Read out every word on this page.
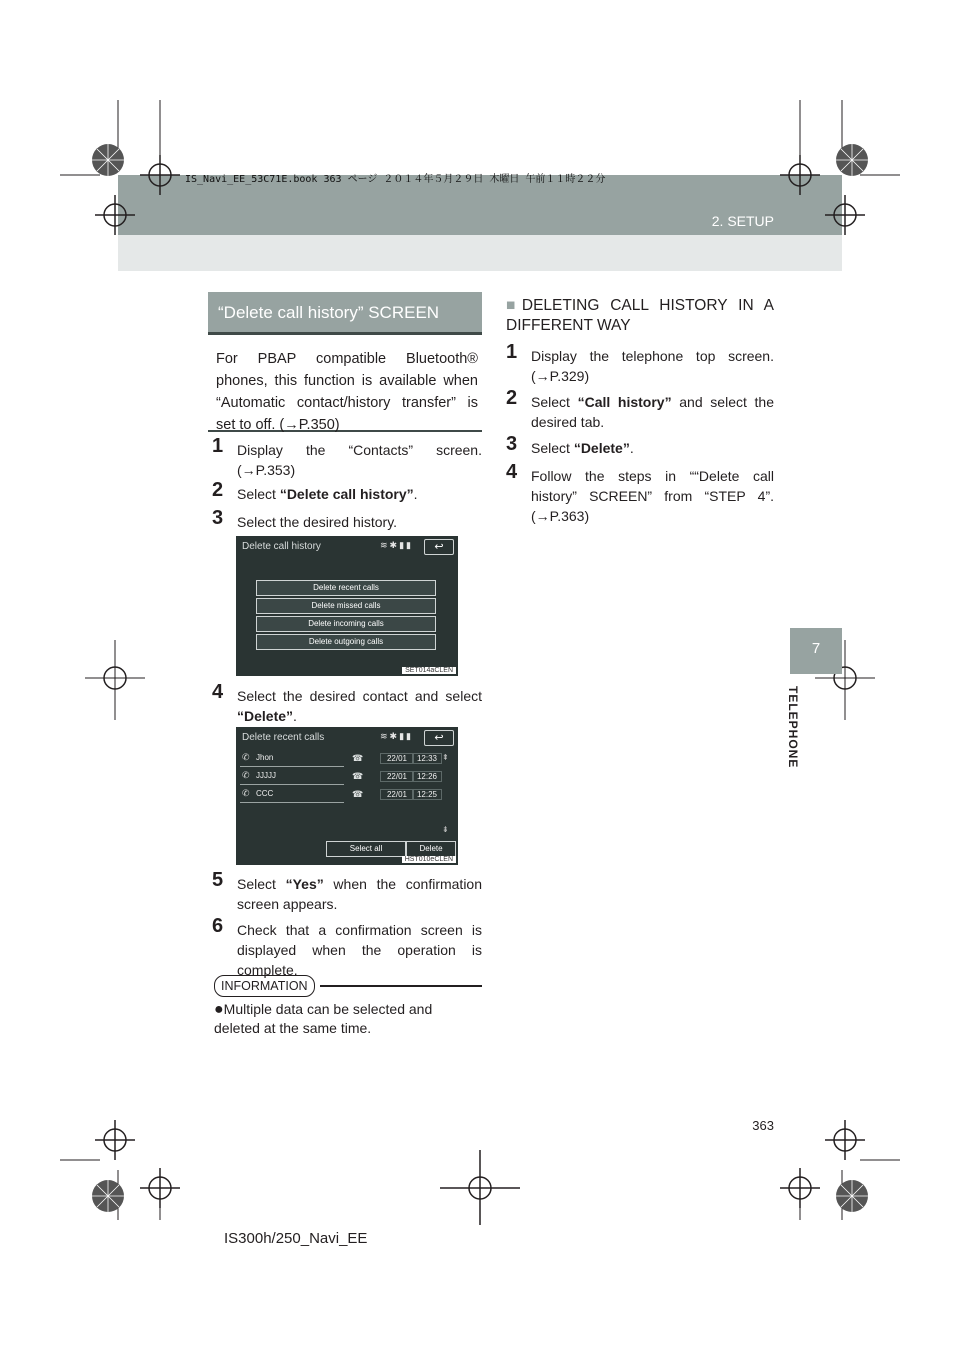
IS_Navi_EE_53C71E.book 363 ページ ２０１４年５月２９日 木曜日 午前１１時２２分
2. SETUP
7
TELEPHONE
“Delete call history” SCREEN
For PBAP compatible Bluetooth® phones, this function is available when “Automatic contact/history transfer” is set to off. (→P.350)
1 Display the “Contacts” screen. (→P.353)
2 Select “Delete call history”.
3 Select the desired history.
Delete call history	≋✱▮▮	↩
Delete recent calls
Delete missed calls
Delete incoming calls
Delete outgoing calls
SET014aCLEN
4 Select the desired contact and select “Delete”.
Delete recent calls	≋✱▮▮	↩
✆ Jhon	☎	22/01	12:33
✆ JJJJJ	☎	22/01	12:26
✆ CCC	☎	22/01	12:25
⇞
⇟
Select all	Delete
HST010eCLEN
5 Select “Yes” when the confirmation screen appears.
6 Check that a confirmation screen is displayed when the operation is complete.
INFORMATION
●Multiple data can be selected and deleted at the same time.
■DELETING CALL HISTORY IN A DIFFERENT WAY
1 Display the telephone top screen. (→P.329)
2 Select “Call history” and select the desired tab.
3 Select “Delete”.
4 Follow the steps in ““Delete call history” SCREEN” from “STEP 4”. (→P.363)
363
IS300h/250_Navi_EE
